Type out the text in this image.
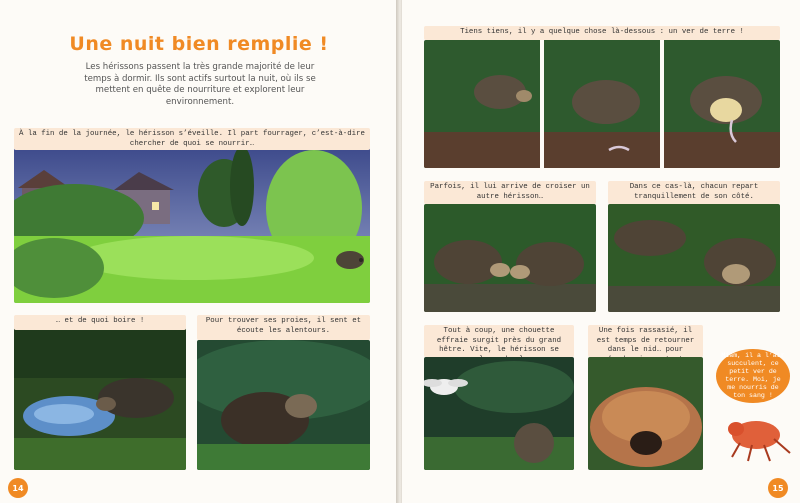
Une nuit bien remplie !
Les hérissons passent la très grande majorité de leur temps à dormir. Ils sont actifs surtout la nuit, où ils se mettent en quête de nourriture et explorent leur environnement.
À la fin de la journée, le hérisson s’éveille. Il part fourrager, c’est-à-dire chercher de quoi se nourrir…
… et de quoi boire !	Pour trouver ses proies, il sent et écoute les alentours.
14
Tiens tiens, il y a quelque chose là-dessous : un ver de terre !
Parfois, il lui arrive de croiser un autre hérisson…
Dans ce cas-là, chacun repart tranquillement de son côté.
Tout à coup, une chouette effraie surgit près du grand hêtre. Vite, le hérisson se
Une fois rassasié, il est temps de retourner dans le nid… pour
Miam, il a l’air succulent, ce petit ver de terre. Moi, je me nourris de ton sang !
15
